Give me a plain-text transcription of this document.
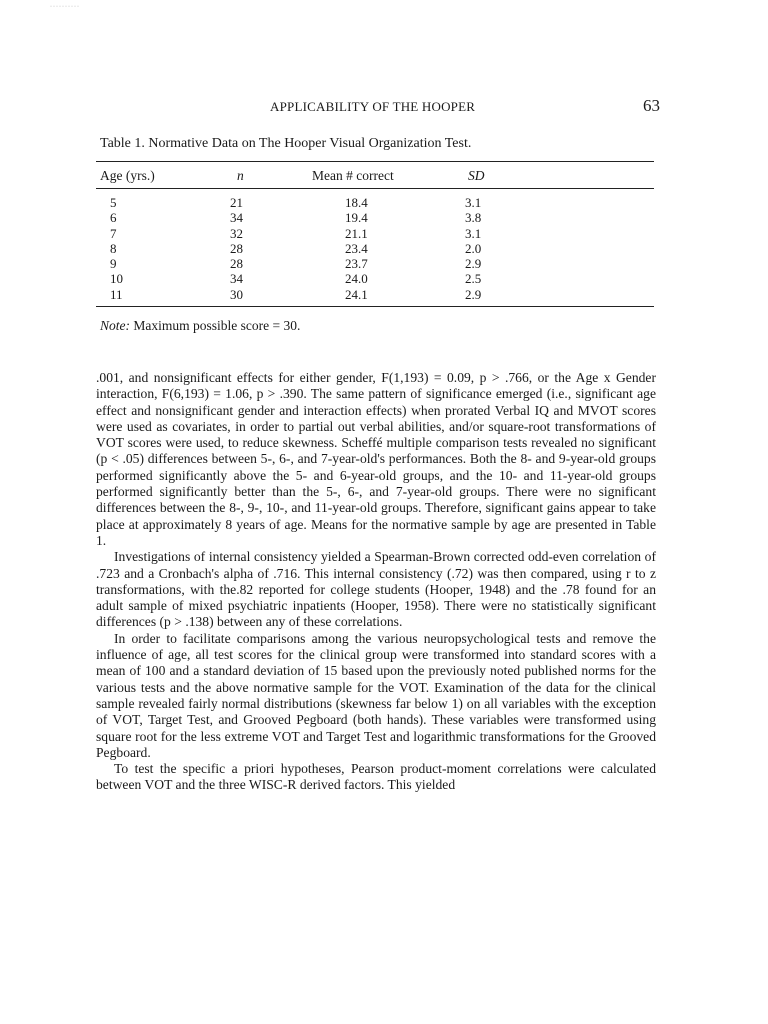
··········
APPLICABILITY OF THE HOOPER	63
Table 1. Normative Data on The Hooper Visual Organization Test.
Age (yrs.)	n	Mean # correct	SD
5	21	18.4	3.1
6	34	19.4	3.8
7	32	21.1	3.1
8	28	23.4	2.0
9	28	23.7	2.9
10	34	24.0	2.5
11	30	24.1	2.9
Note: Maximum possible score = 30.

.001, and nonsignificant effects for either gender, F(1,193) = 0.09, p > .766, or the Age x Gender interaction, F(6,193) = 1.06, p > .390. The same pattern of significance emerged (i.e., significant age effect and nonsignificant gender and interaction effects) when prorated Verbal IQ and MVOT scores were used as covariates, in order to partial out verbal abilities, and/or square-root transformations of VOT scores were used, to reduce skewness. Scheffé multiple comparison tests revealed no significant (p < .05) differences between 5-, 6-, and 7-year-old's performances. Both the 8- and 9-year-old groups performed significantly above the 5- and 6-year-old groups, and the 10- and 11-year-old groups performed significantly better than the 5-, 6-, and 7-year-old groups. There were no significant differences between the 8-, 9-, 10-, and 11-year-old groups. Therefore, significant gains appear to take place at approximately 8 years of age. Means for the normative sample by age are presented in Table 1.

Investigations of internal consistency yielded a Spearman-Brown corrected odd-even correlation of .723 and a Cronbach's alpha of .716. This internal consistency (.72) was then compared, using r to z transformations, with the.82 reported for college students (Hooper, 1948) and the .78 found for an adult sample of mixed psychiatric inpatients (Hooper, 1958). There were no statistically significant differences (p > .138) between any of these correlations.

In order to facilitate comparisons among the various neuropsychological tests and remove the influence of age, all test scores for the clinical group were transformed into standard scores with a mean of 100 and a standard deviation of 15 based upon the previously noted published norms for the various tests and the above normative sample for the VOT. Examination of the data for the clinical sample revealed fairly normal distributions (skewness far below 1) on all variables with the exception of VOT, Target Test, and Grooved Pegboard (both hands). These variables were transformed using square root for the less extreme VOT and Target Test and logarithmic transformations for the Grooved Pegboard.

To test the specific a priori hypotheses, Pearson product-moment correlations were calculated between VOT and the three WISC-R derived factors. This yielded
